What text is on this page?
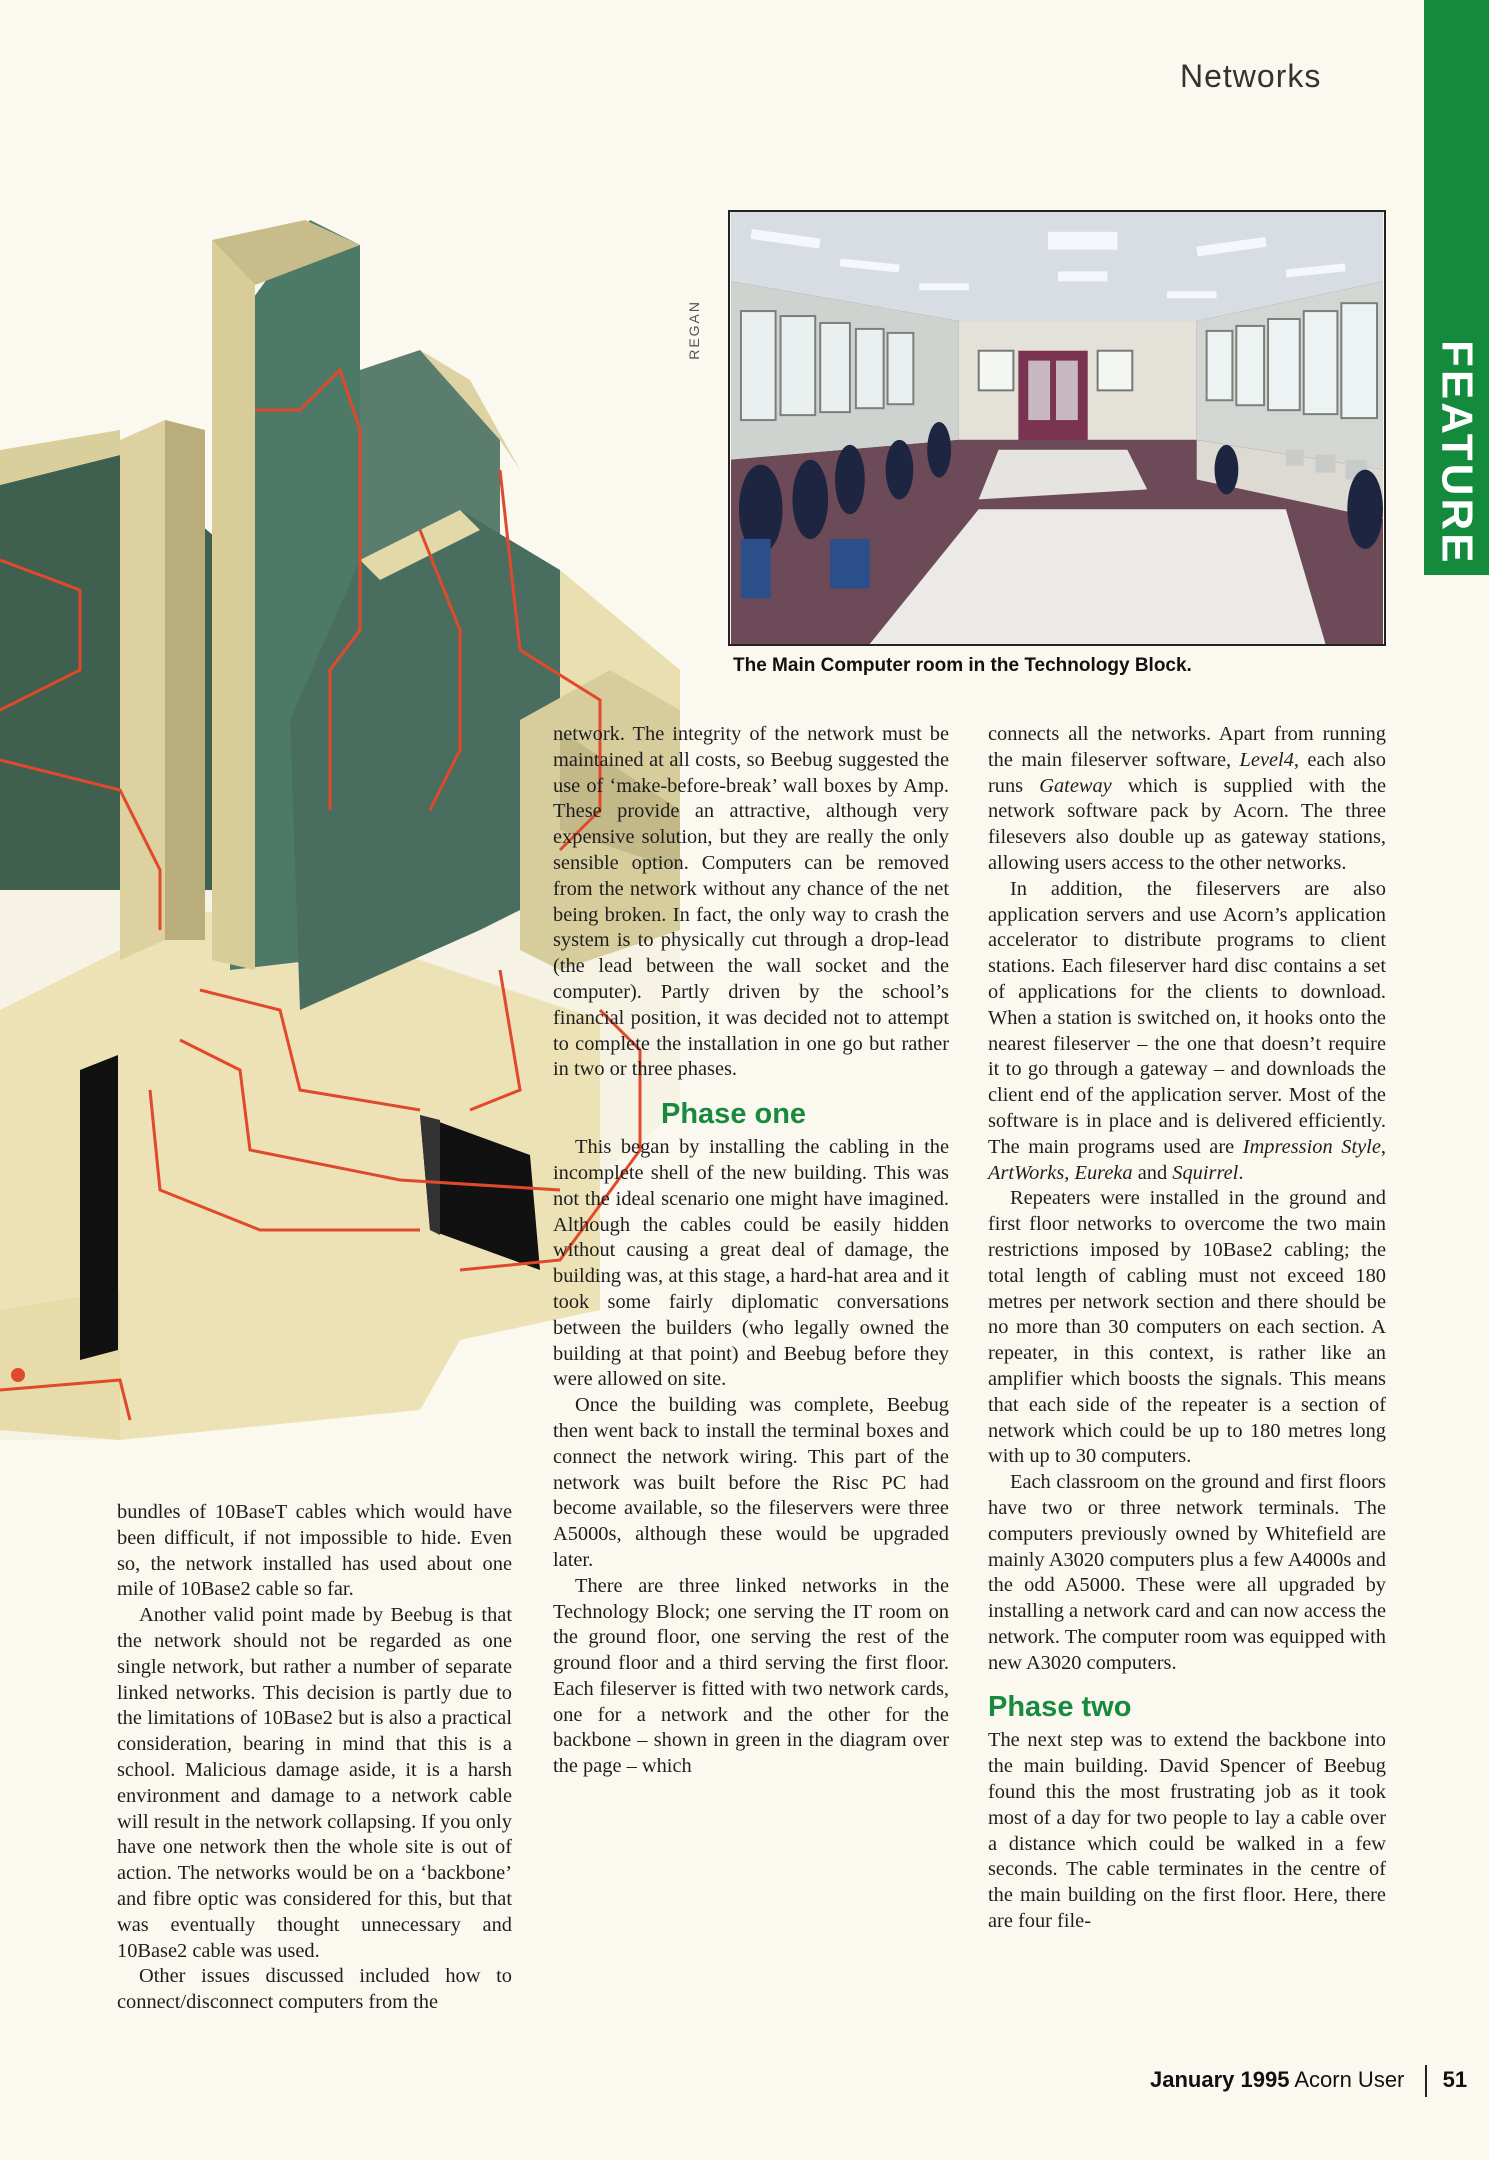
Networks
FEATURE
REGAN
The Main Computer room in the Technology Block.

network. The integrity of the network must be maintained at all costs, so Beebug suggested the use of ‘make-before-break’ wall boxes by Amp. These provide an attractive, although very expensive solution, but they are really the only sensible option. Computers can be removed from the network without any chance of the net being broken. In fact, the only way to crash the system is to physically cut through a drop-lead (the lead between the wall socket and the computer). Partly driven by the school’s financial position, it was decided not to attempt to complete the installation in one go but rather in two or three phases.

Phase one

This began by installing the cabling in the incomplete shell of the new building. This was not the ideal scenario one might have imagined. Although the cables could be easily hidden without causing a great deal of damage, the building was, at this stage, a hard-hat area and it took some fairly diplomatic conversations between the builders (who legally owned the building at that point) and Beebug before they were allowed on site.

Once the building was complete, Beebug then went back to install the terminal boxes and connect the network wiring. This part of the network was built before the Risc PC had become available, so the fileservers were three A5000s, although these would be upgraded later.

There are three linked networks in the Technology Block; one serving the IT room on the ground floor, one serving the rest of the ground floor and a third serving the first floor. Each fileserver is fitted with two network cards, one for a network and the other for the backbone – shown in green in the diagram over the page – which

connects all the networks. Apart from running the main fileserver software, Level4, each also runs Gateway which is supplied with the network software pack by Acorn. The three filesevers also double up as gateway stations, allowing users access to the other networks.

In addition, the fileservers are also application servers and use Acorn’s application accelerator to distribute programs to client stations. Each fileserver hard disc contains a set of applications for the clients to download. When a station is switched on, it hooks onto the nearest fileserver – the one that doesn’t require it to go through a gateway – and downloads the client end of the application server. Most of the software is in place and is delivered efficiently. The main programs used are Impression Style, ArtWorks, Eureka and Squirrel.

Repeaters were installed in the ground and first floor networks to overcome the two main restrictions imposed by 10Base2 cabling; the total length of cabling must not exceed 180 metres per network section and there should be no more than 30 computers on each section. A repeater, in this context, is rather like an amplifier which boosts the signals. This means that each side of the repeater is a section of network which could be up to 180 metres long with up to 30 computers.

Each classroom on the ground and first floors have two or three network terminals. The computers previously owned by Whitefield are mainly A3020 computers plus a few A4000s and the odd A5000. These were all upgraded by installing a network card and can now access the network. The computer room was equipped with new A3020 computers.

Phase two

The next step was to extend the backbone into the main building. David Spencer of Beebug found this the most frustrating job as it took most of a day for two people to lay a cable over a distance which could be walked in a few seconds. The cable terminates in the centre of the main building on the first floor. Here, there are four file-

bundles of 10BaseT cables which would have been difficult, if not impossible to hide. Even so, the network installed has used about one mile of 10Base2 cable so far.

Another valid point made by Beebug is that the network should not be regarded as one single network, but rather a number of separate linked networks. This decision is partly due to the limitations of 10Base2 but is also a practical consideration, bearing in mind that this is a school. Malicious damage aside, it is a harsh environment and damage to a network cable will result in the network collapsing. If you only have one network then the whole site is out of action. The networks would be on a ‘backbone’ and fibre optic was considered for this, but that was eventually thought unnecessary and 10Base2 cable was used.

Other issues discussed included how to connect/disconnect computers from the

January 1995 Acorn User 51
